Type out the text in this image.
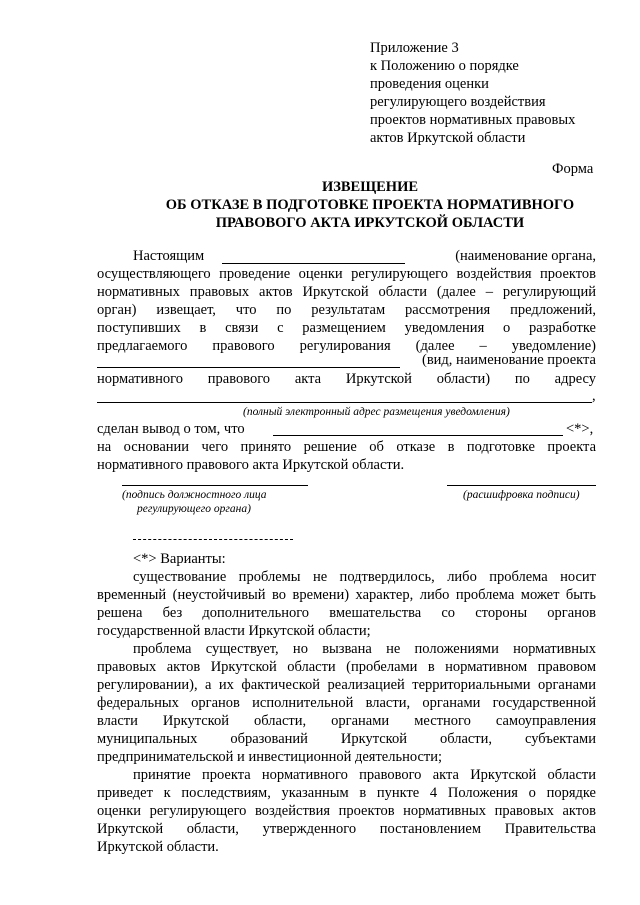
Приложение 3
к Положению о порядке
проведения оценки
регулирующего воздействия
проектов нормативных правовых
актов Иркутской области
Форма
ИЗВЕЩЕНИЕ
ОБ ОТКАЗЕ В ПОДГОТОВКЕ ПРОЕКТА НОРМАТИВНОГО
ПРАВОВОГО АКТА ИРКУТСКОЙ ОБЛАСТИ
Настоящим	(наименование органа,
осуществляющего проведение оценки регулирующего воздействия проектов
нормативных правовых актов Иркутской области (далее – регулирующий
орган) извещает, что по результатам рассмотрения предложений,
поступивших в связи с размещением уведомления о разработке
предлагаемого правового регулирования (далее – уведомление)
(вид, наименование проекта
нормативного правового акта Иркутской области) по адресу
,
(полный электронный адрес размещения уведомления)
сделан вывод о том, что	<*>,
на основании чего принято решение об отказе в подготовке проекта
нормативного правового акта Иркутской области.
(подпись должностного лица
регулирующего органа)
(расшифровка подписи)
<*> Варианты:
существование проблемы не подтвердилось, либо проблема носит
временный (неустойчивый во времени) характер, либо проблема может быть
решена без дополнительного вмешательства со стороны органов
государственной власти Иркутской области;
проблема существует, но вызвана не положениями нормативных
правовых актов Иркутской области (пробелами в нормативном правовом
регулировании), а их фактической реализацией территориальными органами
федеральных органов исполнительной власти, органами государственной
власти Иркутской области, органами местного самоуправления
муниципальных образований Иркутской области, субъектами
предпринимательской и инвестиционной деятельности;
принятие проекта нормативного правового акта Иркутской области
приведет к последствиям, указанным в пункте 4 Положения о порядке
оценки регулирующего воздействия проектов нормативных правовых актов
Иркутской области, утвержденного постановлением Правительства
Иркутской области.
